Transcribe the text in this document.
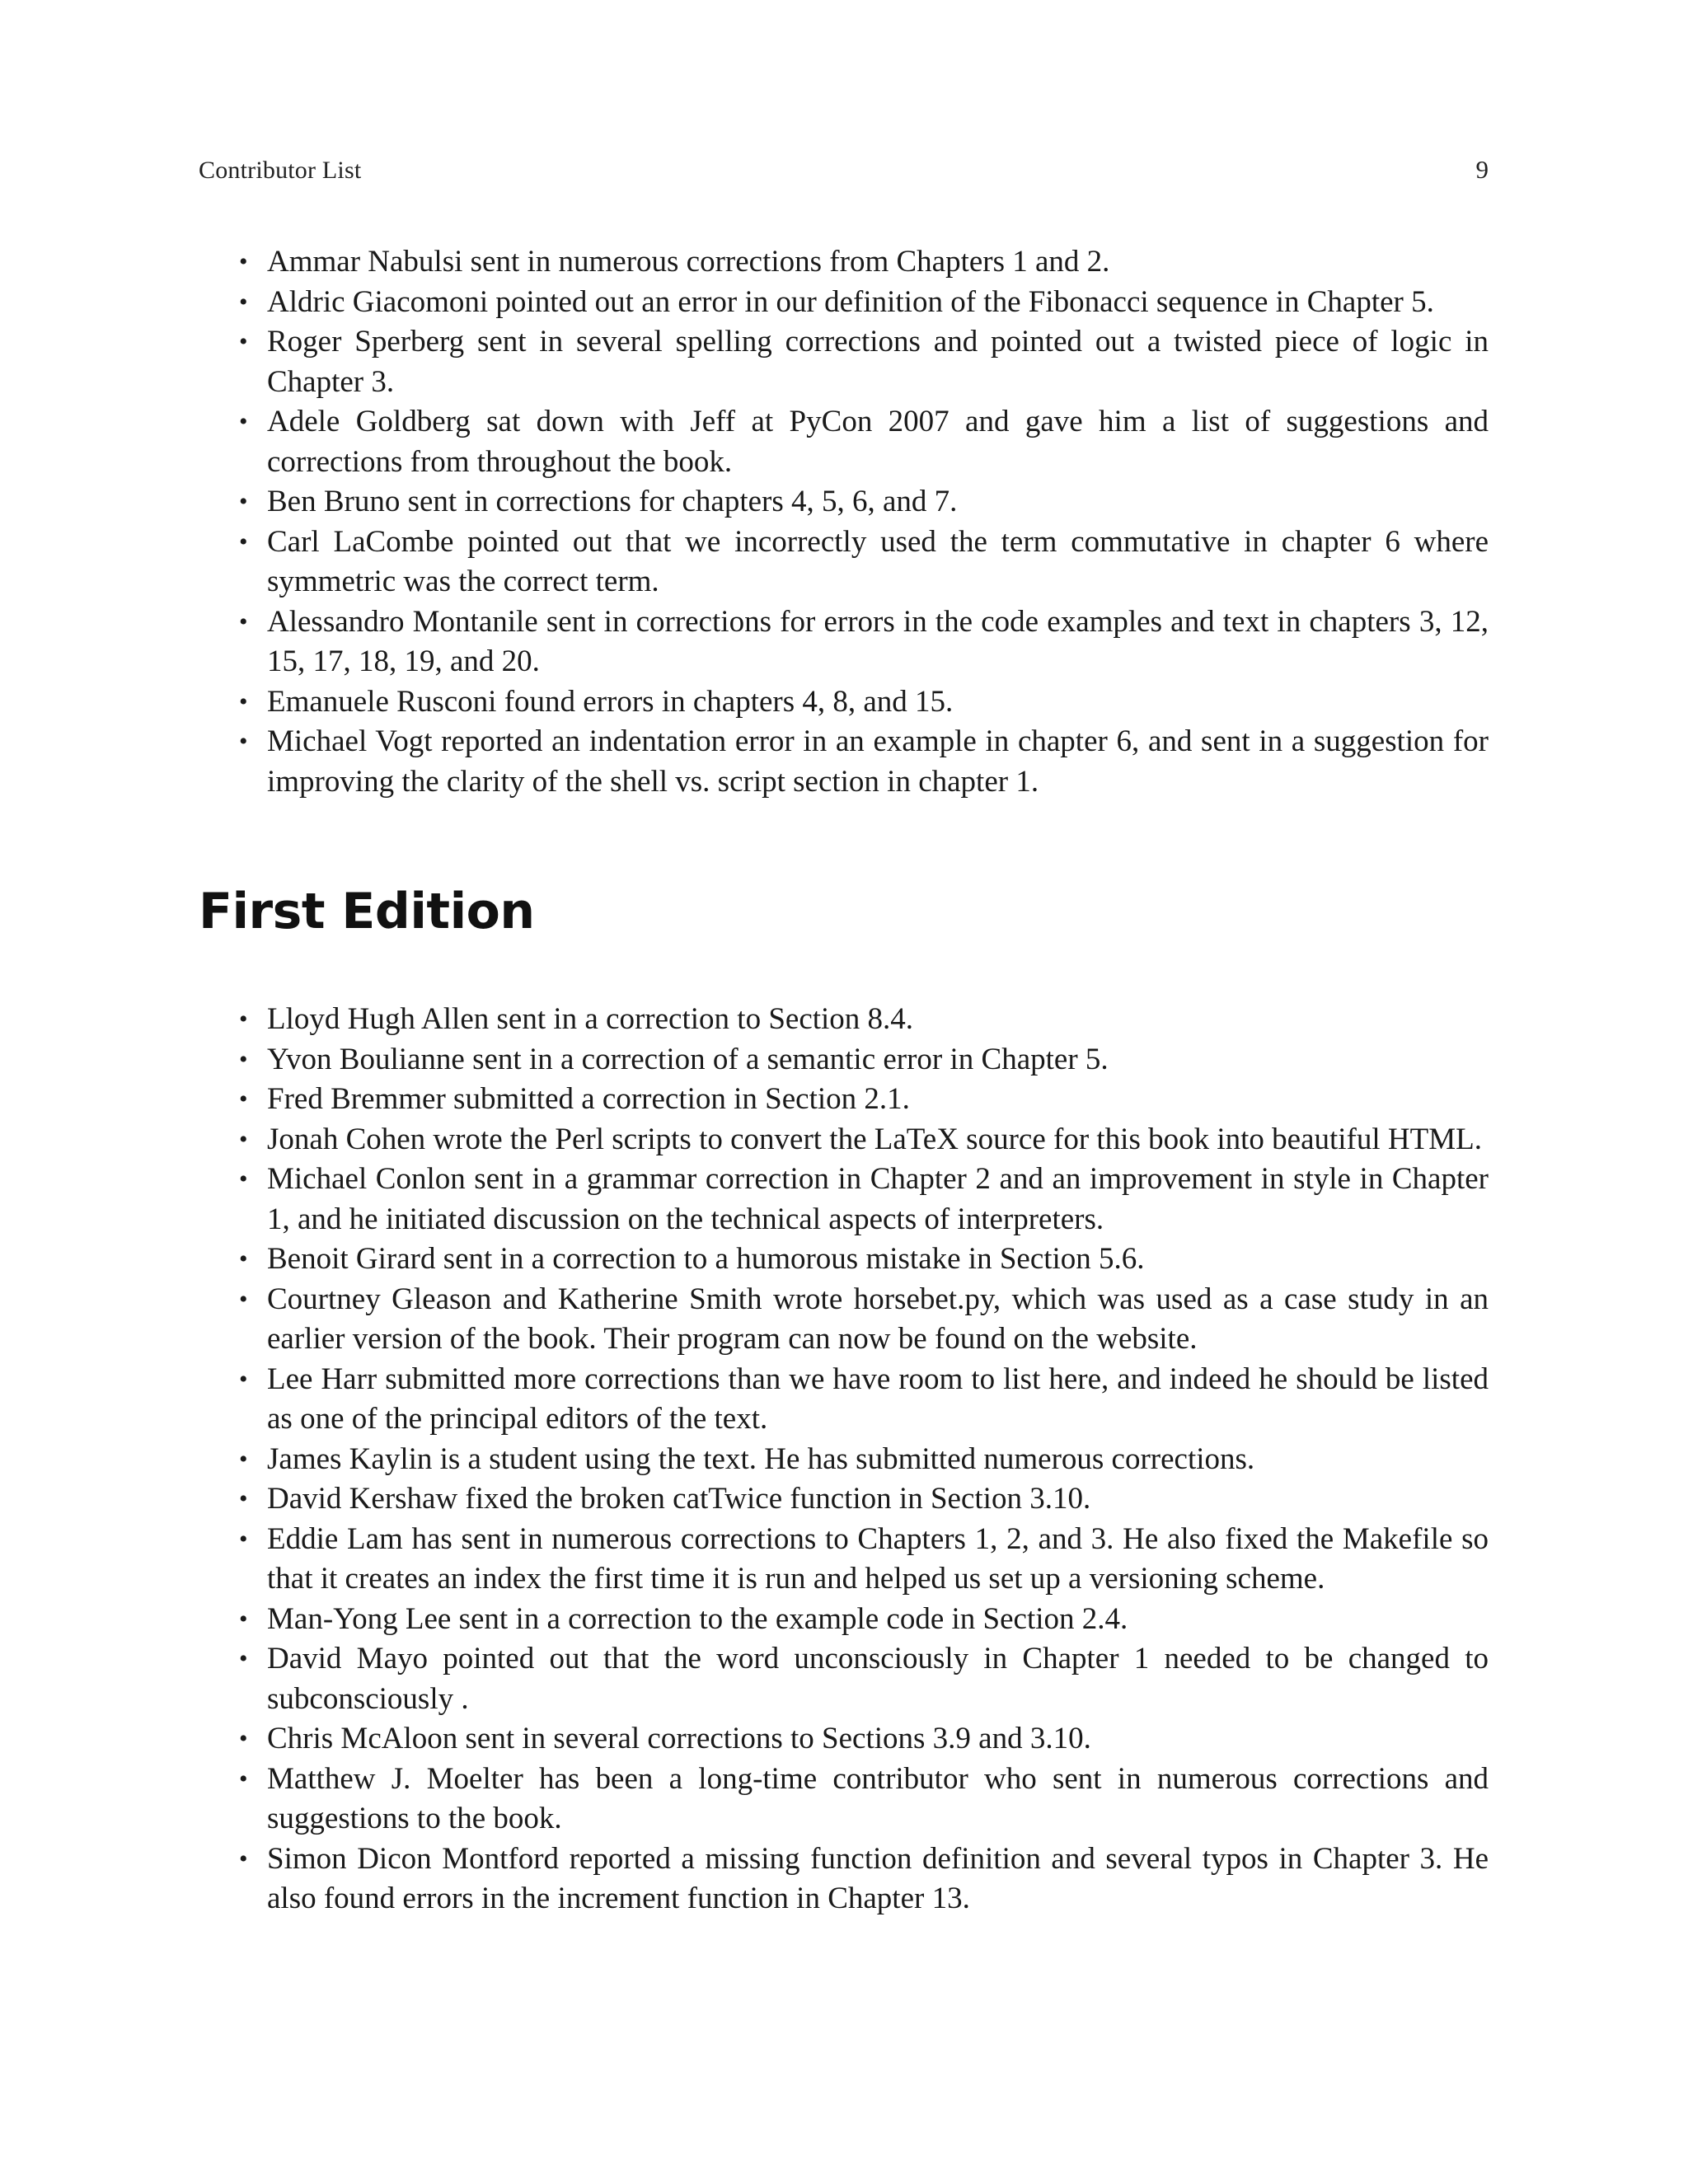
Contributor List	9
• Ammar Nabulsi sent in numerous corrections from Chapters 1 and 2.
• Aldric Giacomoni pointed out an error in our definition of the Fibonacci sequence in Chapter 5.
• Roger Sperberg sent in several spelling corrections and pointed out a twisted piece of logic in Chapter 3.
• Adele Goldberg sat down with Jeff at PyCon 2007 and gave him a list of suggestions and corrections from throughout the book.
• Ben Bruno sent in corrections for chapters 4, 5, 6, and 7.
• Carl LaCombe pointed out that we incorrectly used the term commutative in chapter 6 where symmetric was the correct term.
• Alessandro Montanile sent in corrections for errors in the code examples and text in chapters 3, 12, 15, 17, 18, 19, and 20.
• Emanuele Rusconi found errors in chapters 4, 8, and 15.
• Michael Vogt reported an indentation error in an example in chapter 6, and sent in a suggestion for improving the clarity of the shell vs. script section in chapter 1.
First Edition
• Lloyd Hugh Allen sent in a correction to Section 8.4.
• Yvon Boulianne sent in a correction of a semantic error in Chapter 5.
• Fred Bremmer submitted a correction in Section 2.1.
• Jonah Cohen wrote the Perl scripts to convert the LaTeX source for this book into beautiful HTML.
• Michael Conlon sent in a grammar correction in Chapter 2 and an improvement in style in Chapter 1, and he initiated discussion on the technical aspects of interpreters.
• Benoit Girard sent in a correction to a humorous mistake in Section 5.6.
• Courtney Gleason and Katherine Smith wrote horsebet.py, which was used as a case study in an earlier version of the book. Their program can now be found on the website.
• Lee Harr submitted more corrections than we have room to list here, and indeed he should be listed as one of the principal editors of the text.
• James Kaylin is a student using the text. He has submitted numerous corrections.
• David Kershaw fixed the broken catTwice function in Section 3.10.
• Eddie Lam has sent in numerous corrections to Chapters 1, 2, and 3. He also fixed the Makefile so that it creates an index the first time it is run and helped us set up a versioning scheme.
• Man-Yong Lee sent in a correction to the example code in Section 2.4.
• David Mayo pointed out that the word unconsciously in Chapter 1 needed to be changed to subconsciously .
• Chris McAloon sent in several corrections to Sections 3.9 and 3.10.
• Matthew J. Moelter has been a long-time contributor who sent in numerous corrections and suggestions to the book.
• Simon Dicon Montford reported a missing function definition and several typos in Chapter 3. He also found errors in the increment function in Chapter 13.
